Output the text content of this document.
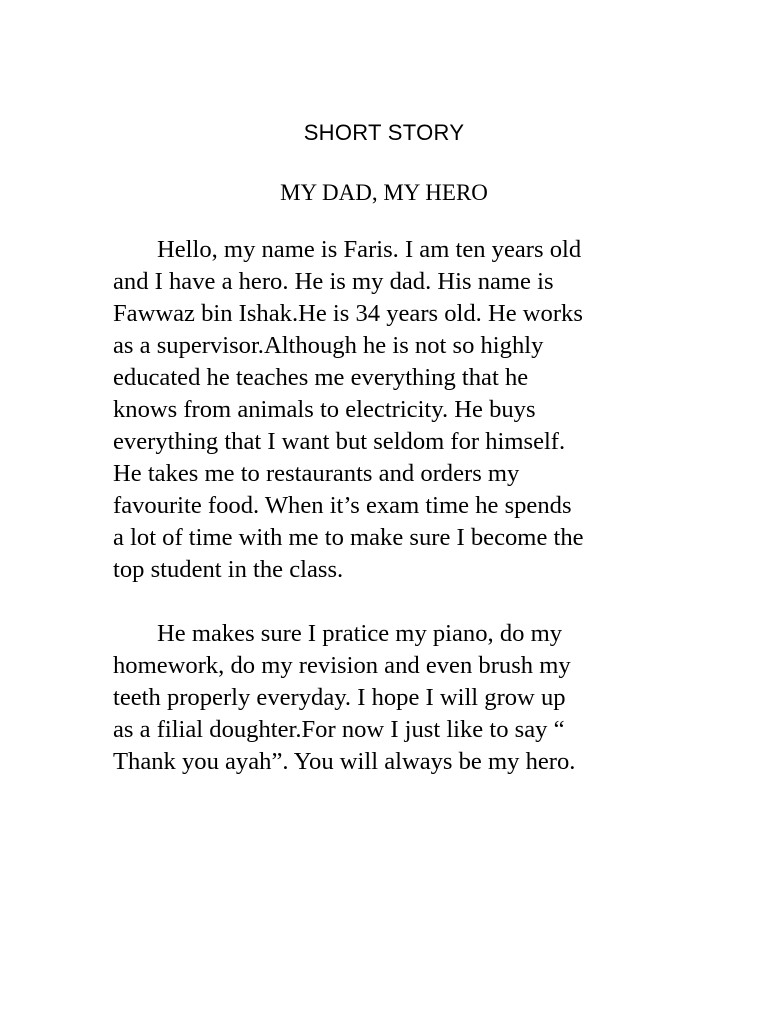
SHORT STORY
MY DAD, MY HERO
Hello, my name is Faris. I am ten years old
and I have a hero. He is my dad. His name is
Fawwaz bin Ishak.He is 34 years old. He works
as a supervisor.Although he is not so highly
educated he teaches me everything that he
knows from animals to electricity. He buys
everything that I want but seldom for himself.
He takes me to restaurants and orders my
favourite food. When it’s exam time he spends
a lot of time with me to make sure I become the
top student in the class.
He makes sure I pratice my piano, do my
homework, do my revision and even brush my
teeth properly everyday. I hope I will grow up
as a filial doughter.For now I just like to say “
Thank you ayah”. You will always be my hero.
